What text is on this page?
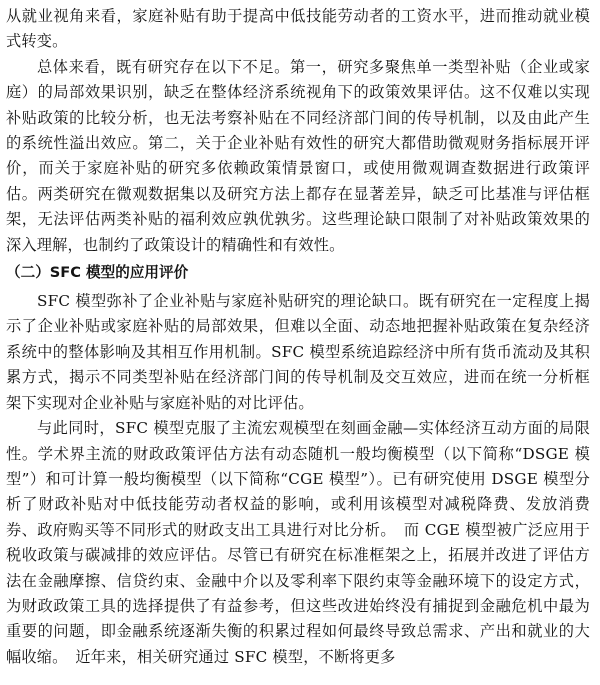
从就业视角来看，家庭补贴有助于提高中低技能劳动者的工资水平，进而推动就业模式转变。

总体来看，既有研究存在以下不足。第一，研究多聚焦单一类型补贴（企业或家庭）的局部效果识别，缺乏在整体经济系统视角下的政策效果评估。这不仅难以实现补贴政策的比较分析，也无法考察补贴在不同经济部门间的传导机制，以及由此产生的系统性溢出效应。第二，关于企业补贴有效性的研究大都借助微观财务指标展开评价，而关于家庭补贴的研究多依赖政策情景窗口，或使用微观调查数据进行政策评估。两类研究在微观数据集以及研究方法上都存在显著差异，缺乏可比基准与评估框架，无法评估两类补贴的福利效应孰优孰劣。这些理论缺口限制了对补贴政策效果的深入理解，也制约了政策设计的精确性和有效性。

（二）SFC 模型的应用评价

SFC 模型弥补了企业补贴与家庭补贴研究的理论缺口。既有研究在一定程度上揭示了企业补贴或家庭补贴的局部效果，但难以全面、动态地把握补贴政策在复杂经济系统中的整体影响及其相互作用机制。SFC 模型系统追踪经济中所有货币流动及其积累方式，揭示不同类型补贴在经济部门间的传导机制及交互效应，进而在统一分析框架下实现对企业补贴与家庭补贴的对比评估。

与此同时，SFC 模型克服了主流宏观模型在刻画金融—实体经济互动方面的局限性。学术界主流的财政政策评估方法有动态随机一般均衡模型（以下简称“DSGE 模型”）和可计算一般均衡模型（以下简称“CGE 模型”）。已有研究使用 DSGE 模型分析了财政补贴对中低技能劳动者权益的影响，或利用该模型对减税降费、发放消费券、政府购买等不同形式的财政支出工具进行对比分析。　而 CGE 模型被广泛应用于税收政策与碳减排的效应评估。尽管已有研究在标准框架之上，拓展并改进了评估方法在金融摩擦、信贷约束、金融中介以及零利率下限约束等金融环境下的设定方式，为财政政策工具的选择提供了有益参考，但这些改进始终没有捕捉到金融危机中最为重要的问题，即金融系统逐渐失衡的积累过程如何最终导致总需求、产出和就业的大幅收缩。　近年来，相关研究通过 SFC 模型，不断将更多
